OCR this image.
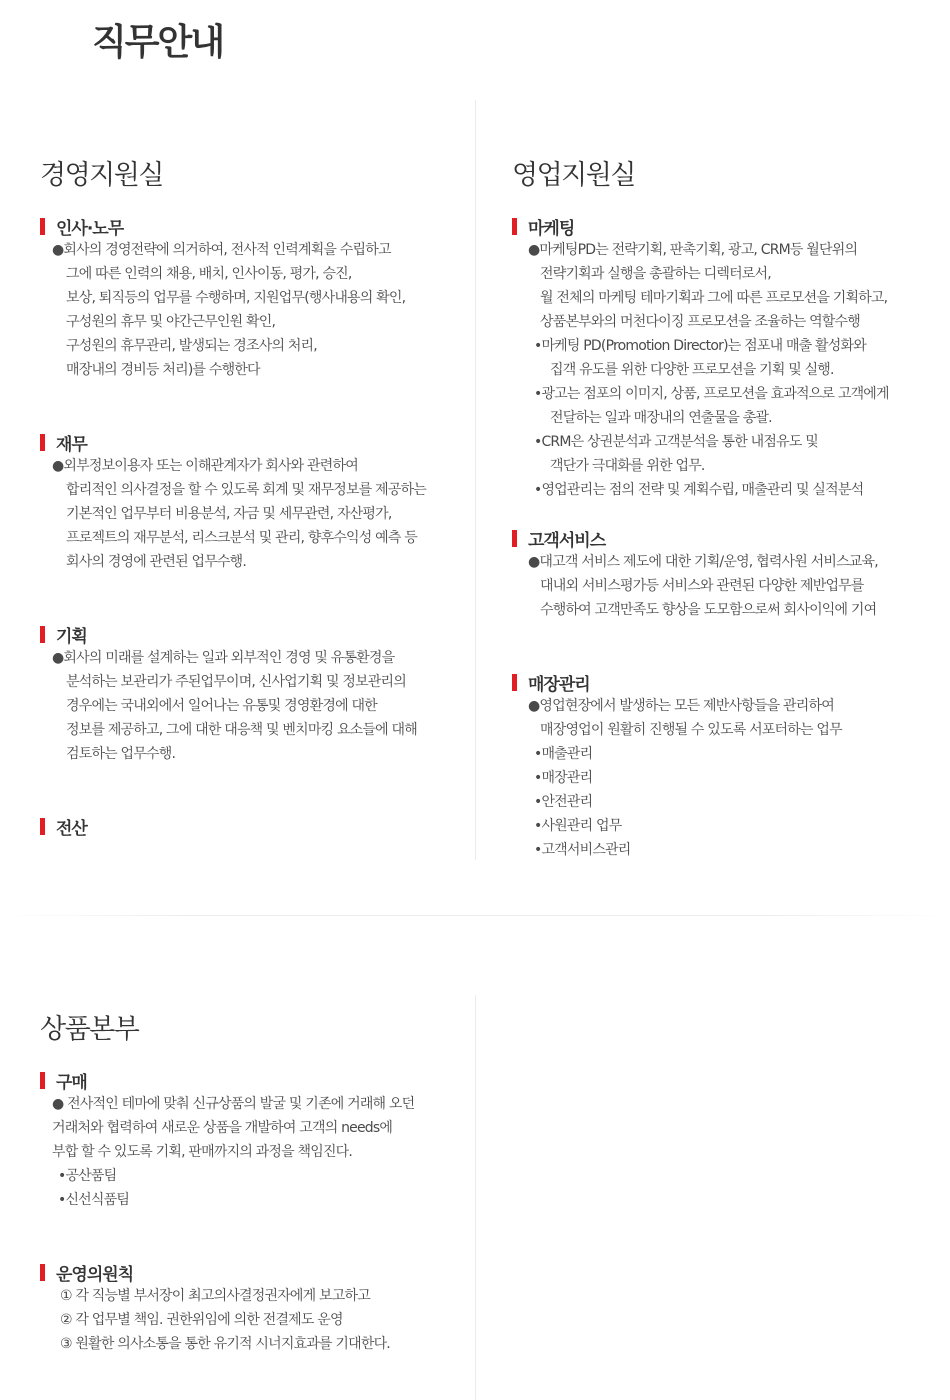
직무안내
경영지원실
인사·노무
●회사의 경영전략에 의거하여, 전사적 인력계획을 수립하고
그에 따른 인력의 채용, 배치, 인사이동, 평가, 승진,
보상, 퇴직등의 업무를 수행하며, 지원업무(행사내용의 확인,
구성원의 휴무 및 야간근무인원 확인,
구성원의 휴무관리, 발생되는 경조사의 처리,
매장내의 경비등 처리)를 수행한다
재무
●외부정보이용자 또는 이해관계자가 회사와 관련하여
합리적인 의사결정을 할 수 있도록 회계 및 재무정보를 제공하는
기본적인 업무부터 비용분석, 자금 및 세무관련, 자산평가,
프로젝트의 재무분석, 리스크분석 및 관리, 향후수익성 예측 등
회사의 경영에 관련된 업무수행.
기획
●회사의 미래를 설계하는 일과 외부적인 경영 및 유통환경을
분석하는 보관리가 주된업무이며, 신사업기획 및 정보관리의
경우에는 국내외에서 일어나는 유통및 경영환경에 대한
정보를 제공하고, 그에 대한 대응책 및 벤치마킹 요소들에 대해
검토하는 업무수행.
전산
영업지원실
마케팅
●마케팅PD는 전략기획, 판촉기획, 광고, CRM등 월단위의
전략기획과 실행을 총괄하는 디렉터로서,
월 전체의 마케팅 테마기획과 그에 따른 프로모션을 기획하고,
상품본부와의 머천다이징 프로모션을 조율하는 역할수행
•마케팅 PD(Promotion Director)는 점포내 매출 활성화와
집객 유도를 위한 다양한 프로모션을 기획 및 실행.
•광고는 점포의 이미지, 상품, 프로모션을 효과적으로 고객에게
전달하는 일과 매장내의 연출물을 총괄.
•CRM은 상권분석과 고객분석을 통한 내점유도 및
객단가 극대화를 위한 업무.
•영업관리는 점의 전략 및 계획수립, 매출관리 및 실적분석
고객서비스
●대고객 서비스 제도에 대한 기획/운영, 협력사원 서비스교육,
대내외 서비스평가등 서비스와 관련된 다양한 제반업무를
수행하여 고객만족도 향상을 도모함으로써 회사이익에 기여
매장관리
●영업현장에서 발생하는 모든 제반사항들을 관리하여
매장영업이 원활히 진행될 수 있도록 서포터하는 업무
•매출관리
•매장관리
•안전관리
•사원관리 업무
•고객서비스관리
상품본부
구매
● 전사적인 테마에 맞춰 신규상품의 발굴 및 기존에 거래해 오던
거래처와 협력하여 새로운 상품을 개발하여 고객의 needs에
부합 할 수 있도록 기획, 판매까지의 과정을 책임진다.
•공산품팀
•신선식품팀
운영의원칙
① 각 직능별 부서장이 최고의사결정권자에게 보고하고
② 각 업무별 책임. 권한위임에 의한 전결제도 운영
③ 원활한 의사소통을 통한 유기적 시너지효과를 기대한다.
